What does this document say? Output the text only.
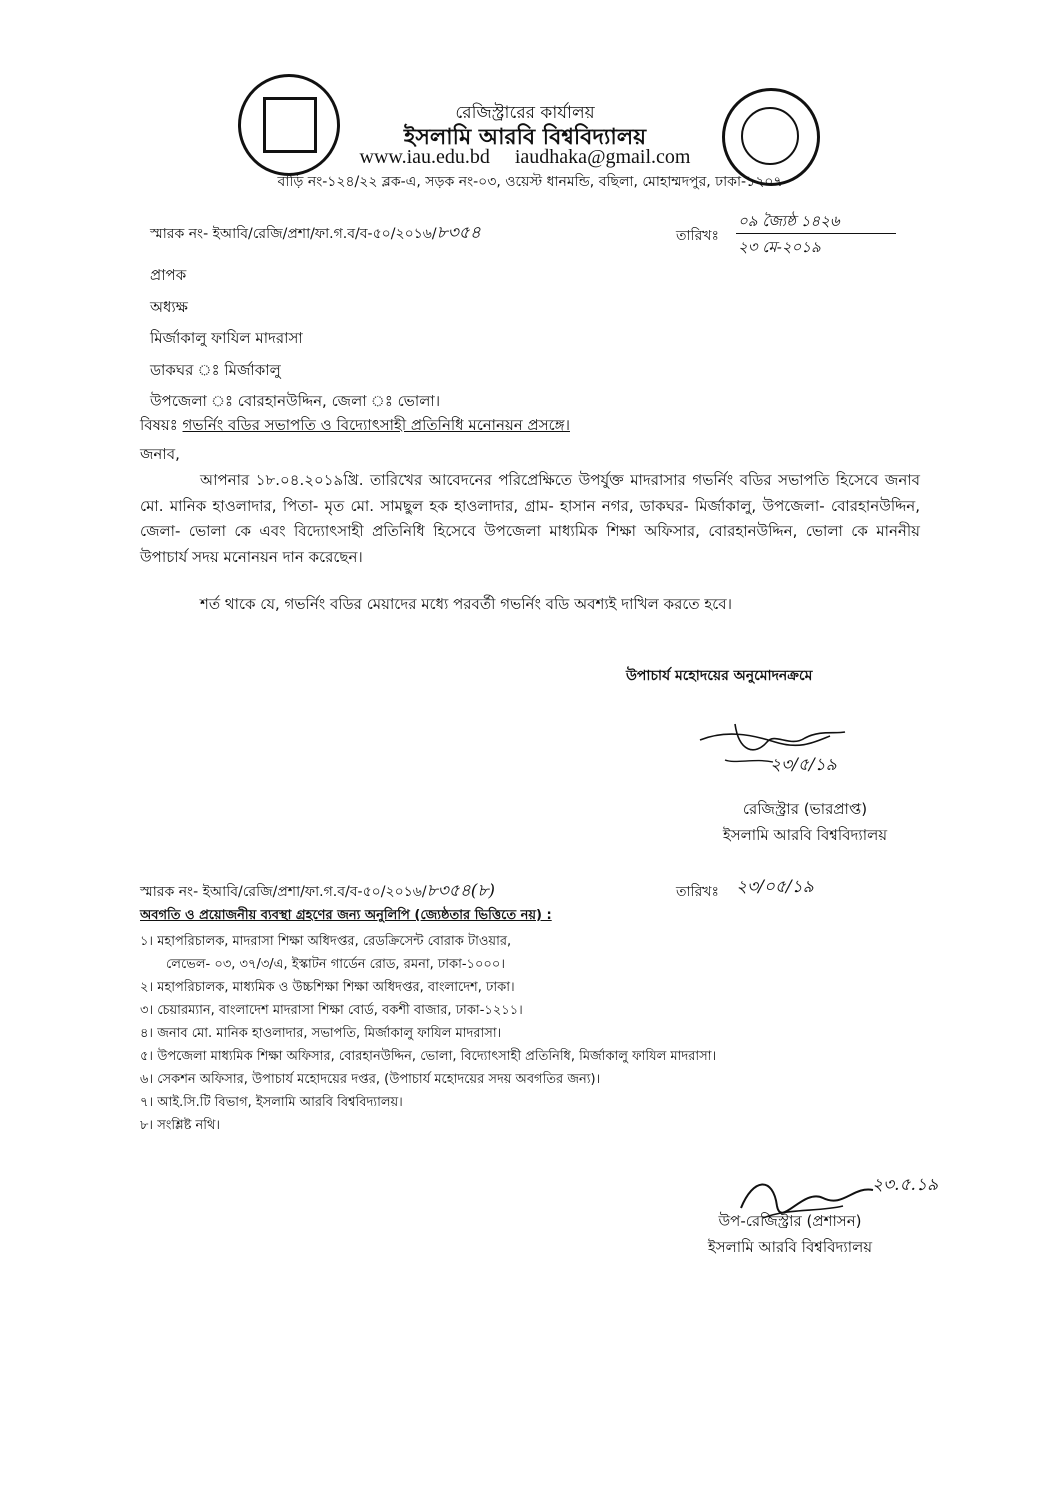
রেজিস্ট্রারের কার্যালয়
ইসলামি আরবি বিশ্ববিদ্যালয়
www.iau.edu.bd iaudhaka@gmail.com
বাড়ি নং-১২৪/২২ ব্লক-এ, সড়ক নং-০৩, ওয়েস্ট ধানমন্ডি, বছিলা, মোহাম্মদপুর, ঢাকা-১২০৭
স্মারক নং- ইআবি/রেজি/প্রশা/ফা.গ.ব/ব-৫০/২০১৬/৮৩৫৪	তারিখঃ
০৯ জ্যৈষ্ঠ ১৪২৬
২৩ মে-২০১৯
প্রাপক
অধ্যক্ষ
মির্জাকালু ফাযিল মাদরাসা
ডাকঘর ঃ মির্জাকালু
উপজেলা ঃ বোরহানউদ্দিন, জেলা ঃ ভোলা।
বিষয়ঃ গভর্নিং বডির সভাপতি ও বিদ্যোৎসাহী প্রতিনিধি মনোনয়ন প্রসঙ্গে।
জনাব,
আপনার ১৮.০৪.২০১৯খ্রি. তারিখের আবেদনের পরিপ্রেক্ষিতে উপর্যুক্ত মাদরাসার গভর্নিং বডির সভাপতি হিসেবে জনাব মো. মানিক হাওলাদার, পিতা- মৃত মো. সামছুল হক হাওলাদার, গ্রাম- হাসান নগর, ডাকঘর- মির্জাকালু, উপজেলা- বোরহানউদ্দিন, জেলা- ভোলা কে এবং বিদ্যোৎসাহী প্রতিনিধি হিসেবে উপজেলা মাধ্যমিক শিক্ষা অফিসার, বোরহানউদ্দিন, ভোলা কে মাননীয় উপাচার্য সদয় মনোনয়ন দান করেছেন।
শর্ত থাকে যে, গভর্নিং বডির মেয়াদের মধ্যে পরবর্তী গভর্নিং বডি অবশ্যই দাখিল করতে হবে।
উপাচার্য মহোদয়ের অনুমোদনক্রমে
২৩/৫/১৯
রেজিস্ট্রার (ভারপ্রাপ্ত)
ইসলামি আরবি বিশ্ববিদ্যালয়
স্মারক নং- ইআবি/রেজি/প্রশা/ফা.গ.ব/ব-৫০/২০১৬/৮৩৫৪(৮)	তারিখঃ ২৩/০৫/১৯
অবগতি ও প্রয়োজনীয় ব্যবস্থা গ্রহণের জন্য অনুলিপি (জ্যেষ্ঠতার ভিত্তিতে নয়) :
১। মহাপরিচালক, মাদরাসা শিক্ষা অধিদপ্তর, রেডক্রিসেন্ট বোরাক টাওয়ার,
লেভেল- ০৩, ৩৭/৩/এ, ইস্কাটন গার্ডেন রোড, রমনা, ঢাকা-১০০০।
২। মহাপরিচালক, মাধ্যমিক ও উচ্চশিক্ষা শিক্ষা অধিদপ্তর, বাংলাদেশ, ঢাকা।
৩। চেয়ারম্যান, বাংলাদেশ মাদরাসা শিক্ষা বোর্ড, বকশী বাজার, ঢাকা-১২১১।
৪। জনাব মো. মানিক হাওলাদার, সভাপতি, মির্জাকালু ফাযিল মাদরাসা।
৫। উপজেলা মাধ্যমিক শিক্ষা অফিসার, বোরহানউদ্দিন, ভোলা, বিদ্যোৎসাহী প্রতিনিধি, মির্জাকালু ফাযিল মাদরাসা।
৬। সেকশন অফিসার, উপাচার্য মহোদয়ের দপ্তর, (উপাচার্য মহোদয়ের সদয় অবগতির জন্য)।
৭। আই.সি.টি বিভাগ, ইসলামি আরবি বিশ্ববিদ্যালয়।
৮। সংশ্লিষ্ট নথি।
২৩.৫.১৯
উপ-রেজিস্ট্রার (প্রশাসন)
ইসলামি আরবি বিশ্ববিদ্যালয়
